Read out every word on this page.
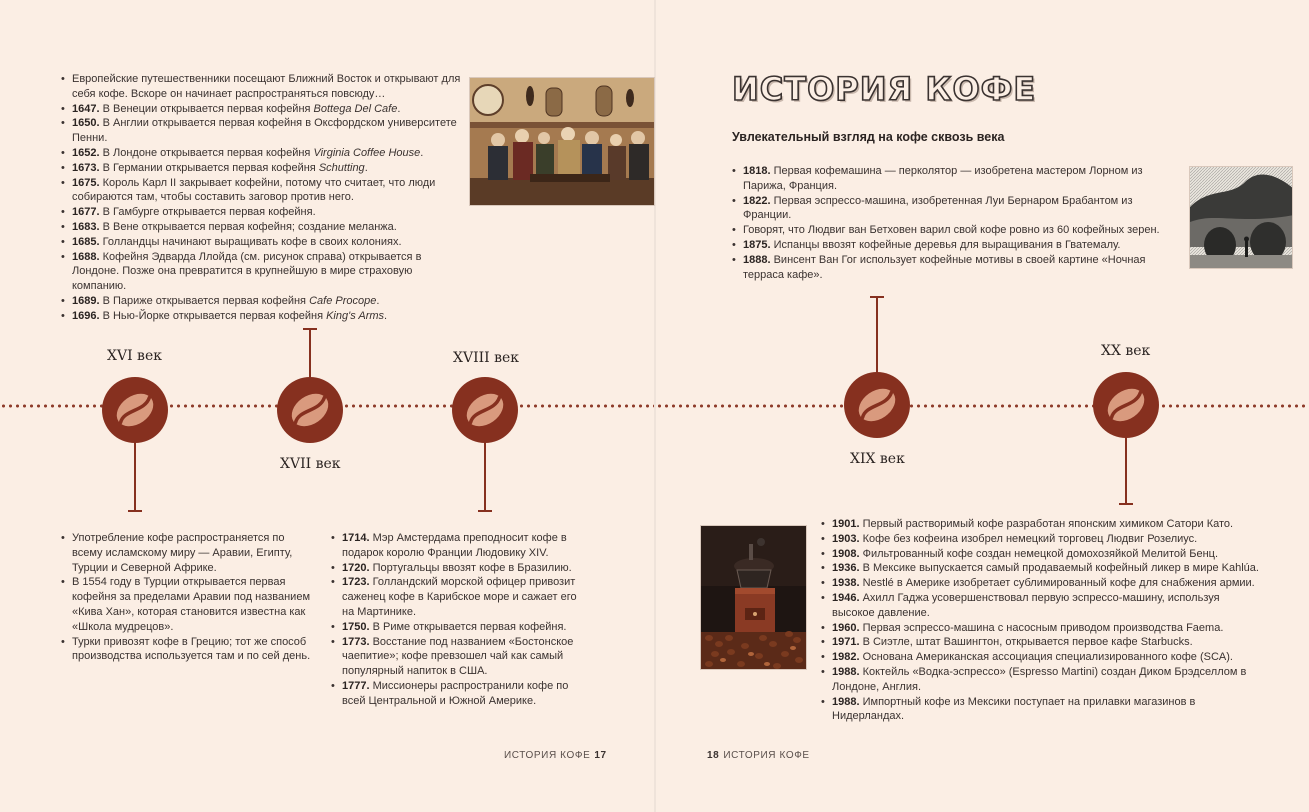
• Европейские путешественники посещают Ближний Восток и открывают для себя кофе. Вскоре он начинает распространяться повсюду…
• 1647. В Венеции открывается первая кофейня Bottega Del Cafe.
• 1650. В Англии открывается первая кофейня в Оксфордском университете Пенни.
• 1652. В Лондоне открывается первая кофейня Virginia Coffee House.
• 1673. В Германии открывается первая кофейня Schutting.
• 1675. Король Карл II закрывает кофейни, потому что считает, что люди собираются там, чтобы составить заговор против него.
• 1677. В Гамбурге открывается первая кофейня.
• 1683. В Вене открывается первая кофейня; создание меланжа.
• 1685. Голландцы начинают выращивать кофе в своих колониях.
• 1688. Кофейня Эдварда Ллойда (см. рисунок справа) открывается в Лондоне. Позже она превратится в крупнейшую в мире страховую компанию.
• 1689. В Париже открывается первая кофейня Cafe Procope.
• 1696. В Нью-Йорке открывается первая кофейня King's Arms.
XVI век
XVII век
XVIII век
• Употребление кофе распространяется по всему исламскому миру — Аравии, Египту, Турции и Северной Африке.
• В 1554 году в Турции открывается первая кофейня за пределами Аравии под названием «Кива Хан», которая становится известна как «Школа мудрецов».
• Турки привозят кофе в Грецию; тот же способ производства используется там и по сей день.
• 1714. Мэр Амстердама преподносит кофе в подарок королю Франции Людовику XIV.
• 1720. Португальцы ввозят кофе в Бразилию.
• 1723. Голландский морской офицер привозит саженец кофе в Карибское море и сажает его на Мартинике.
• 1750. В Риме открывается первая кофейня.
• 1773. Восстание под названием «Бостонское чаепитие»; кофе превзошел чай как самый популярный напиток в США.
• 1777. Миссионеры распространили кофе по всей Центральной и Южной Америке.
ИСТОРИЯ КОФЕ 17
ИСТОРИЯ КОФЕ
Увлекательный взгляд на кофе сквозь века
• 1818. Первая кофемашина — перколятор — изобретена мастером Лорном из Парижа, Франция.
• 1822. Первая эспрессо-машина, изобретенная Луи Бернаром Брабантом из Франции.
• Говорят, что Людвиг ван Бетховен варил свой кофе ровно из 60 кофейных зерен.
• 1875. Испанцы ввозят кофейные деревья для выращивания в Гватемалу.
• 1888. Винсент Ван Гог использует кофейные мотивы в своей картине «Ночная терраса кафе».
XIX век
XX век
• 1901. Первый растворимый кофе разработан японским химиком Сатори Като.
• 1903. Кофе без кофеина изобрел немецкий торговец Людвиг Розелиус.
• 1908. Фильтрованный кофе создан немецкой домохозяйкой Мелитой Бенц.
• 1936. В Мексике выпускается самый продаваемый кофейный ликер в мире Kahlúa.
• 1938. Nestlé в Америке изобретает сублимированный кофе для снабжения армии.
• 1946. Ахилл Гаджа усовершенствовал первую эспрессо-машину, используя высокое давление.
• 1960. Первая эспрессо-машина с насосным приводом производства Faema.
• 1971. В Сиэтле, штат Вашингтон, открывается первое кафе Starbucks.
• 1982. Основана Американская ассоциация специализированного кофе (SCA).
• 1988. Коктейль «Водка-эспрессо» (Espresso Martini) создан Диком Брэдселлом в Лондоне, Англия.
• 1988. Импортный кофе из Мексики поступает на прилавки магазинов в Нидерландах.
18 ИСТОРИЯ КОФЕ
